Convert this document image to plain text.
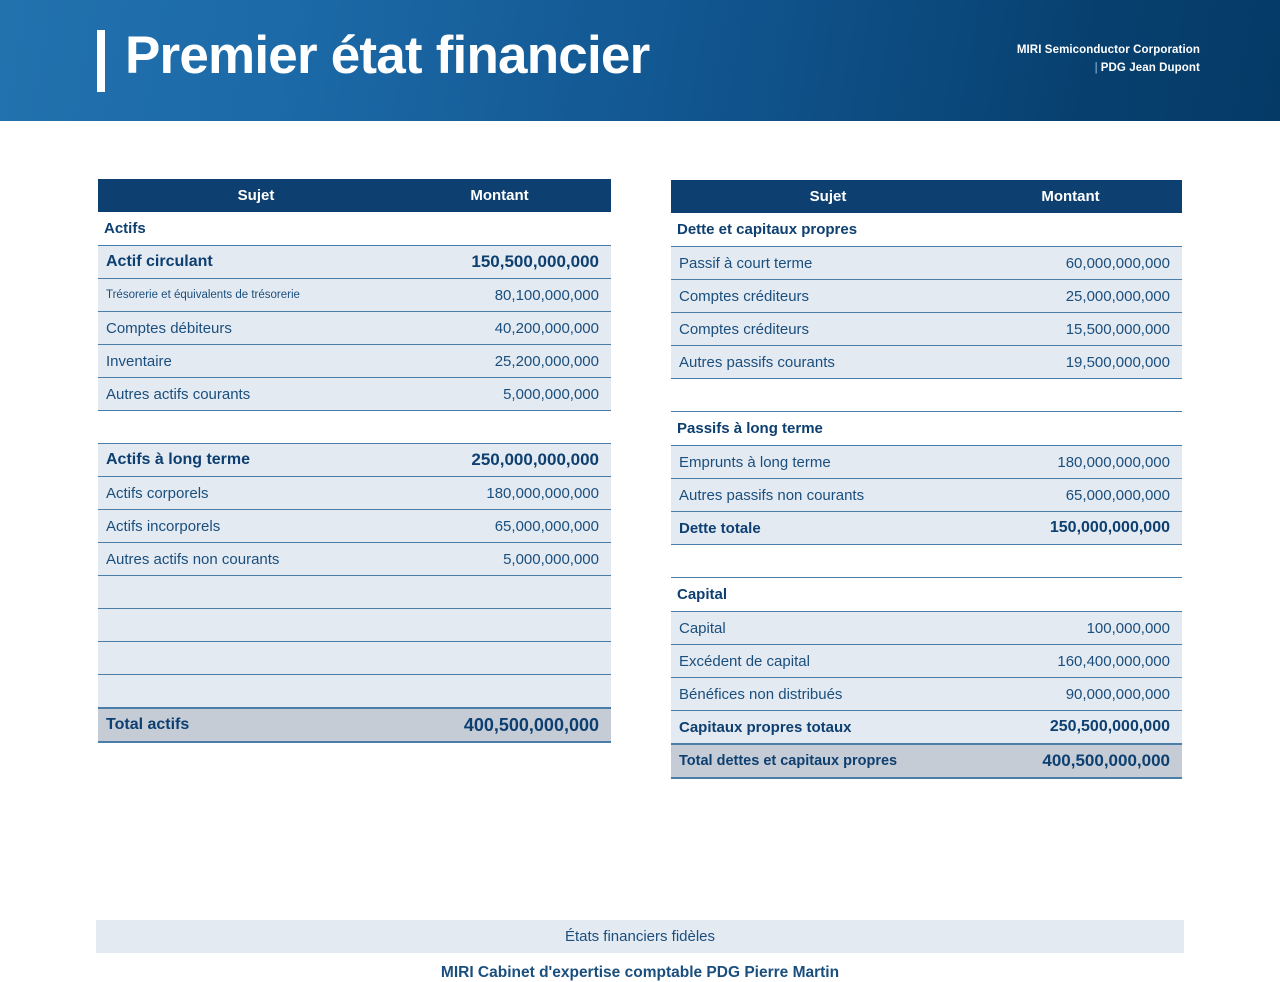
Premier état financier	MIRI Semiconductor Corporation
| PDG Jean Dupont
Sujet	Montant
Actifs
Actif circulant	150,500,000,000
Trésorerie et équivalents de trésorerie	80,100,000,000
Comptes débiteurs	40,200,000,000
Inventaire	25,200,000,000
Autres actifs courants	5,000,000,000
Actifs à long terme	250,000,000,000
Actifs corporels	180,000,000,000
Actifs incorporels	65,000,000,000
Autres actifs non courants	5,000,000,000
Total actifs	400,500,000,000
Sujet	Montant
Dette et capitaux propres
Passif à court terme	60,000,000,000
Comptes créditeurs	25,000,000,000
Comptes créditeurs	15,500,000,000
Autres passifs courants	19,500,000,000
Passifs à long terme
Emprunts à long terme	180,000,000,000
Autres passifs non courants	65,000,000,000
Dette totale	150,000,000,000
Capital
Capital	100,000,000
Excédent de capital	160,400,000,000
Bénéfices non distribués	90,000,000,000
Capitaux propres totaux	250,500,000,000
Total dettes et capitaux propres	400,500,000,000
États financiers fidèles
MIRI Cabinet d'expertise comptable PDG Pierre Martin
